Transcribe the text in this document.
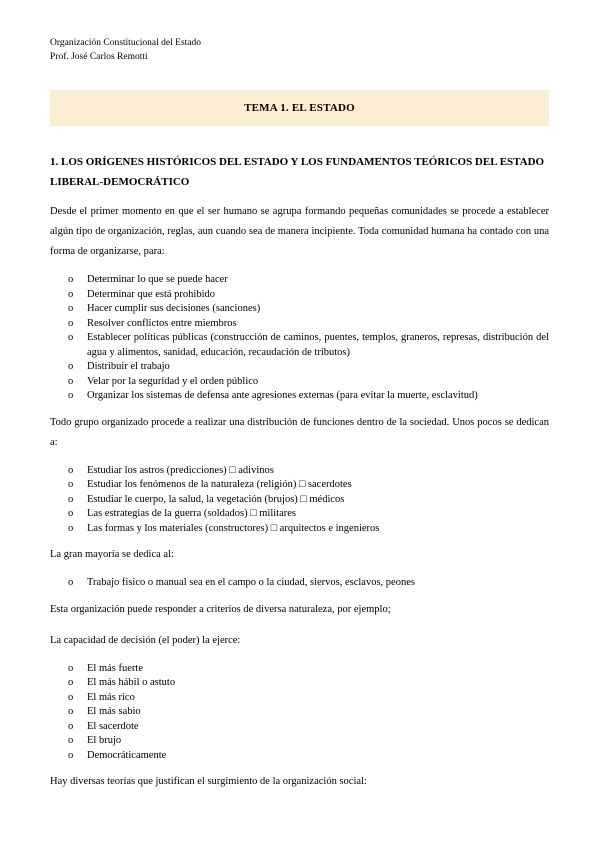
Organización Constitucional del Estado
Prof. José Carlos Remotti
TEMA 1. EL ESTADO
1. LOS ORÍGENES HISTÓRICOS DEL ESTADO Y LOS FUNDAMENTOS TEÓRICOS DEL ESTADO LIBERAL-DEMOCRÁTICO

Desde el primer momento en que el ser humano se agrupa formando pequeñas comunidades se procede a establecer algún tipo de organización, reglas, aun cuando sea de manera incipiente. Toda comunidad humana ha contado con una forma de organizarse, para:

o Determinar lo que se puede hacer
o Determinar que está prohibido
o Hacer cumplir sus decisiones (sanciones)
o Resolver conflictos entre miembros
o Establecer políticas públicas (construcción de caminos, puentes, templos, graneros, represas, distribución del agua y alimentos, sanidad, educación, recaudación de tributos)
o Distribuir el trabajo
o Velar por la seguridad y el orden público
o Organizar los sistemas de defensa ante agresiones externas (para evitar la muerte, esclavitud)

Todo grupo organizado procede a realizar una distribución de funciones dentro de la sociedad. Unos pocos se dedican a:

o Estudiar los astros (predicciones) □ adivinos
o Estudiar los fenómenos de la naturaleza (religión) □ sacerdotes
o Estudiar le cuerpo, la salud, la vegetación (brujos) □ médicos
o Las estrategias de la guerra (soldados) □ militares
o Las formas y los materiales (constructores) □ arquitectos e ingenieros

La gran mayoría se dedica al:

o Trabajo físico o manual sea en el campo o la ciudad, siervos, esclavos, peones

Esta organización puede responder a criterios de diversa naturaleza, por ejemplo;

La capacidad de decisión (el poder) la ejerce:

o El más fuerte
o El más hábil o astuto
o El más rico
o El más sabio
o El sacerdote
o El brujo
o Democráticamente

Hay diversas teorías que justifican el surgimiento de la organización social:
